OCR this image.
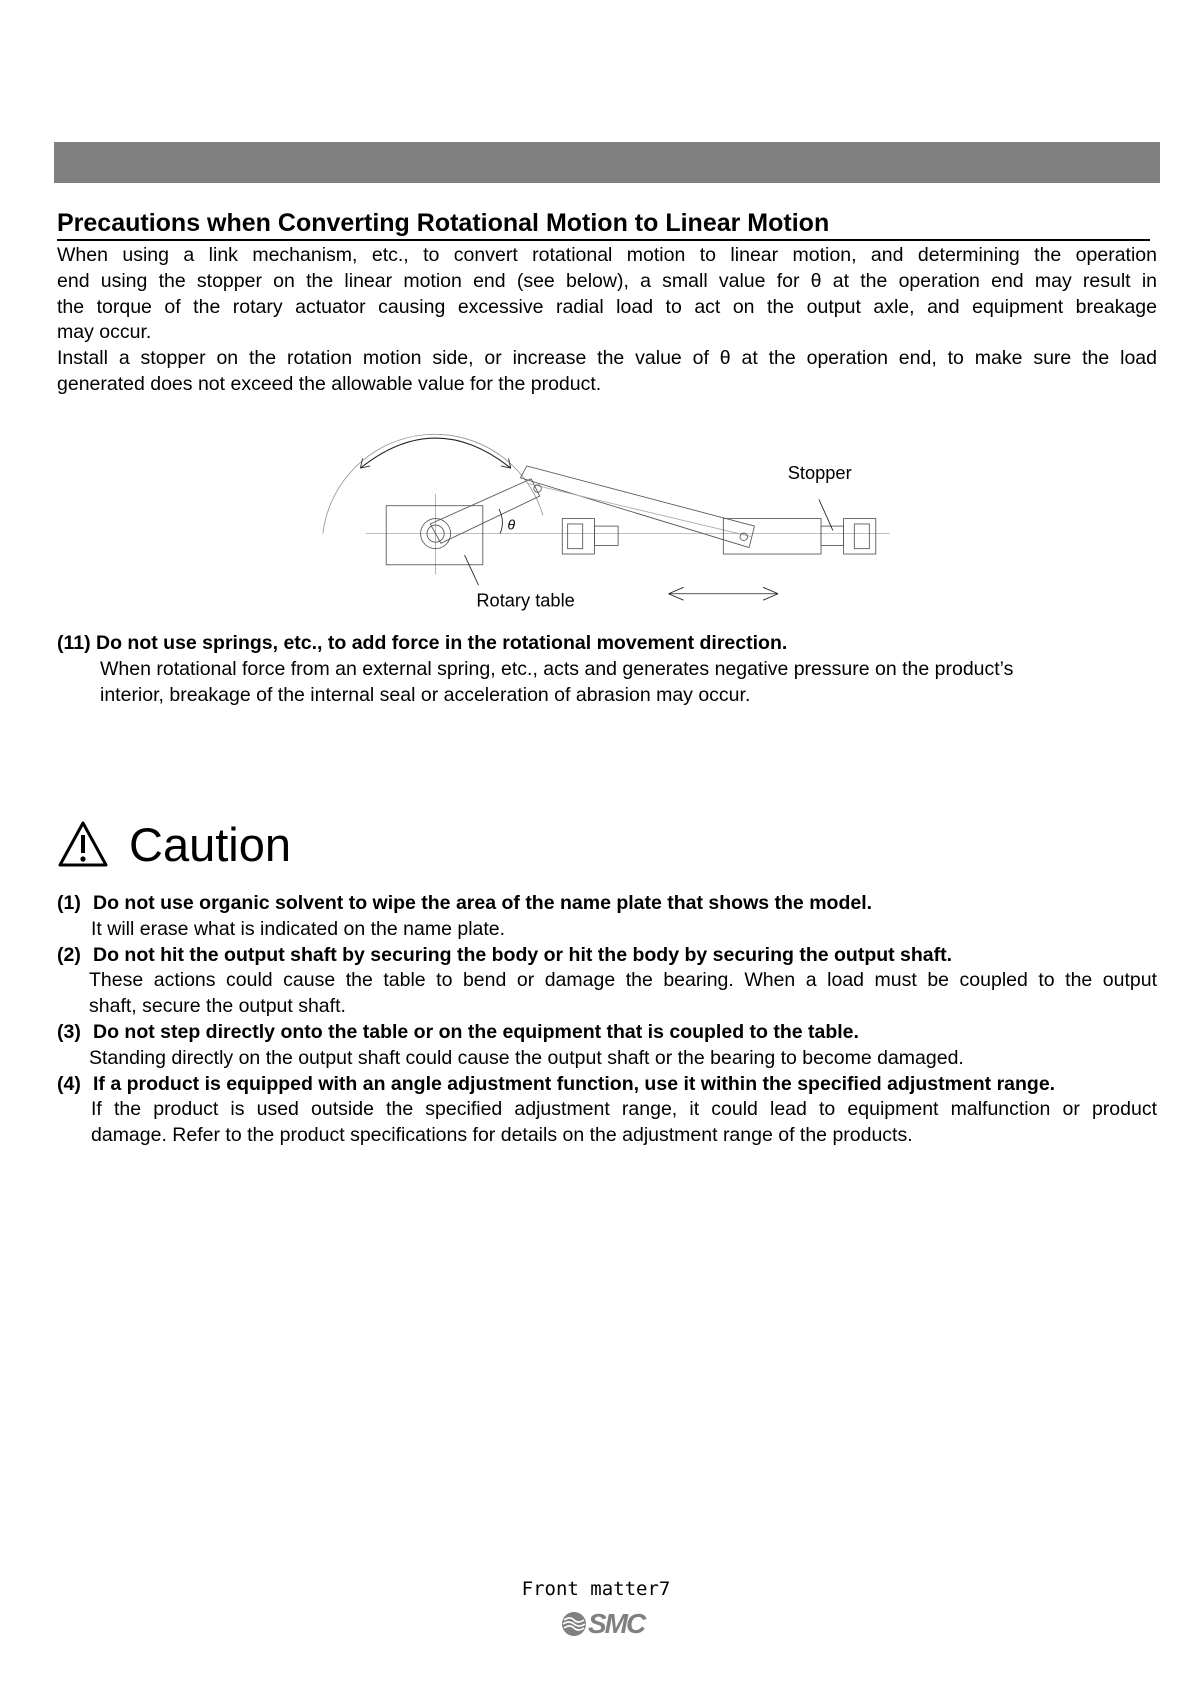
Precautions when Converting Rotational Motion to Linear Motion
When using a link mechanism, etc., to convert rotational motion to linear motion, and determining the operation
end using the stopper on the linear motion end (see below), a small value for θ at the operation end may result in
the torque of the rotary actuator causing excessive radial load to act on the output axle, and equipment breakage
may occur.
Install a stopper on the rotation motion side, or increase the value of θ at the operation end, to make sure the load
generated does not exceed the allowable value for the product.
Stopper
Rotary table
θ
(11) Do not use springs, etc., to add force in the rotational movement direction.
When rotational force from an external spring, etc., acts and generates negative pressure on the product’s
interior, breakage of the internal seal or acceleration of abrasion may occur.
Caution
(1) Do not use organic solvent to wipe the area of the name plate that shows the model.
It will erase what is indicated on the name plate.
(2) Do not hit the output shaft by securing the body or hit the body by securing the output shaft.
These actions could cause the table to bend or damage the bearing. When a load must be coupled to the output
shaft, secure the output shaft.
(3) Do not step directly onto the table or on the equipment that is coupled to the table.
Standing directly on the output shaft could cause the output shaft or the bearing to become damaged.
(4) If a product is equipped with an angle adjustment function, use it within the specified adjustment range.
If the product is used outside the specified adjustment range, it could lead to equipment malfunction or product
damage. Refer to the product specifications for details on the adjustment range of the products.
Front matter7
SMC
